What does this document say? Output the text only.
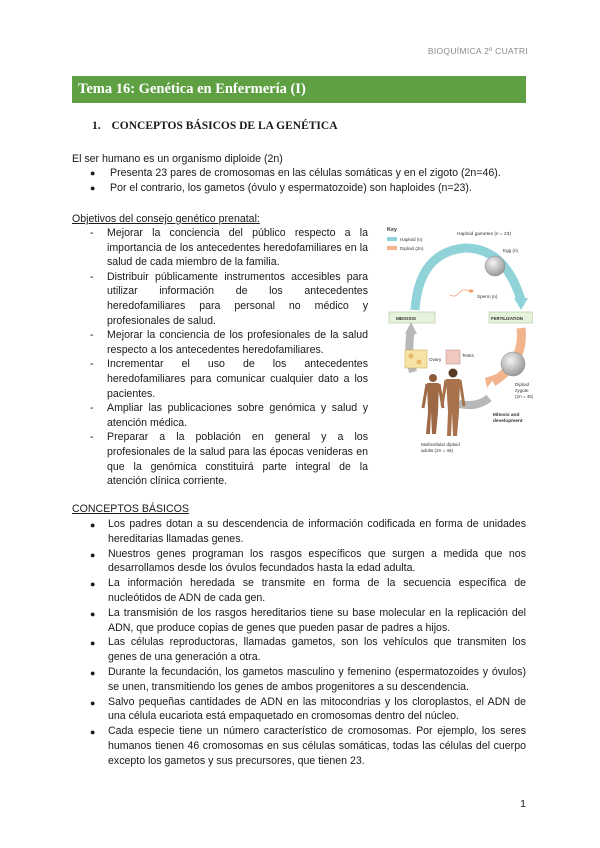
BIOQUÍMICA 2º CUATRI
Tema 16: Genética en Enfermería (I)
1. CONCEPTOS BÁSICOS DE LA GENÉTICA
El ser humano es un organismo diploide (2n)
● Presenta 23 pares de cromosomas en las células somáticas y en el zigoto (2n=46).
● Por el contrario, los gametos (óvulo y espermatozoide) son haploides (n=23).
Objetivos del consejo genético prenatal:
- Mejorar la conciencia del público respecto a la importancia de los antecedentes heredofamiliares en la salud de cada miembro de la familia.
- Distribuir públicamente instrumentos accesibles para utilizar información de los antecedentes heredofamiliares para personal no médico y profesionales de salud.
- Mejorar la conciencia de los profesionales de la salud respecto a los antecedentes heredofamiliares.
- Incrementar el uso de los antecedentes heredofamiliares para comunicar cualquier dato a los pacientes.
- Ampliar las publicaciones sobre genómica y salud y atención médica.
- Preparar a la población en general y a los profesionales de la salud para las épocas venideras en que la genómica constituirá parte integral de la atención clínica corriente.
Key
Haploid (n)
Diploid (2n)
Haploid gametes (n = 23)
Egg (n)
Sperm (n)
MEIOSIS	FERTILIZATION
Diploid
zygote
(2n = 46)
Ovary
Testis
Multicellular diploid
adults (2n = 46)
Mitosis and
development
CONCEPTOS BÁSICOS
● Los padres dotan a su descendencia de información codificada en forma de unidades hereditarias llamadas genes.
● Nuestros genes programan los rasgos específicos que surgen a medida que nos desarrollamos desde los óvulos fecundados hasta la edad adulta.
● La información heredada se transmite en forma de la secuencia específica de nucleótidos de ADN de cada gen.
● La transmisión de los rasgos hereditarios tiene su base molecular en la replicación del ADN, que produce copias de genes que pueden pasar de padres a hijos.
● Las células reproductoras, llamadas gametos, son los vehículos que transmiten los genes de una generación a otra.
● Durante la fecundación, los gametos masculino y femenino (espermatozoides y óvulos) se unen, transmitiendo los genes de ambos progenitores a su descendencia.
● Salvo pequeñas cantidades de ADN en las mitocondrias y los cloroplastos, el ADN de una célula eucariota está empaquetado en cromosomas dentro del núcleo.
● Cada especie tiene un número característico de cromosomas. Por ejemplo, los seres humanos tienen 46 cromosomas en sus células somáticas, todas las células del cuerpo excepto los gametos y sus precursores, que tienen 23.
1
